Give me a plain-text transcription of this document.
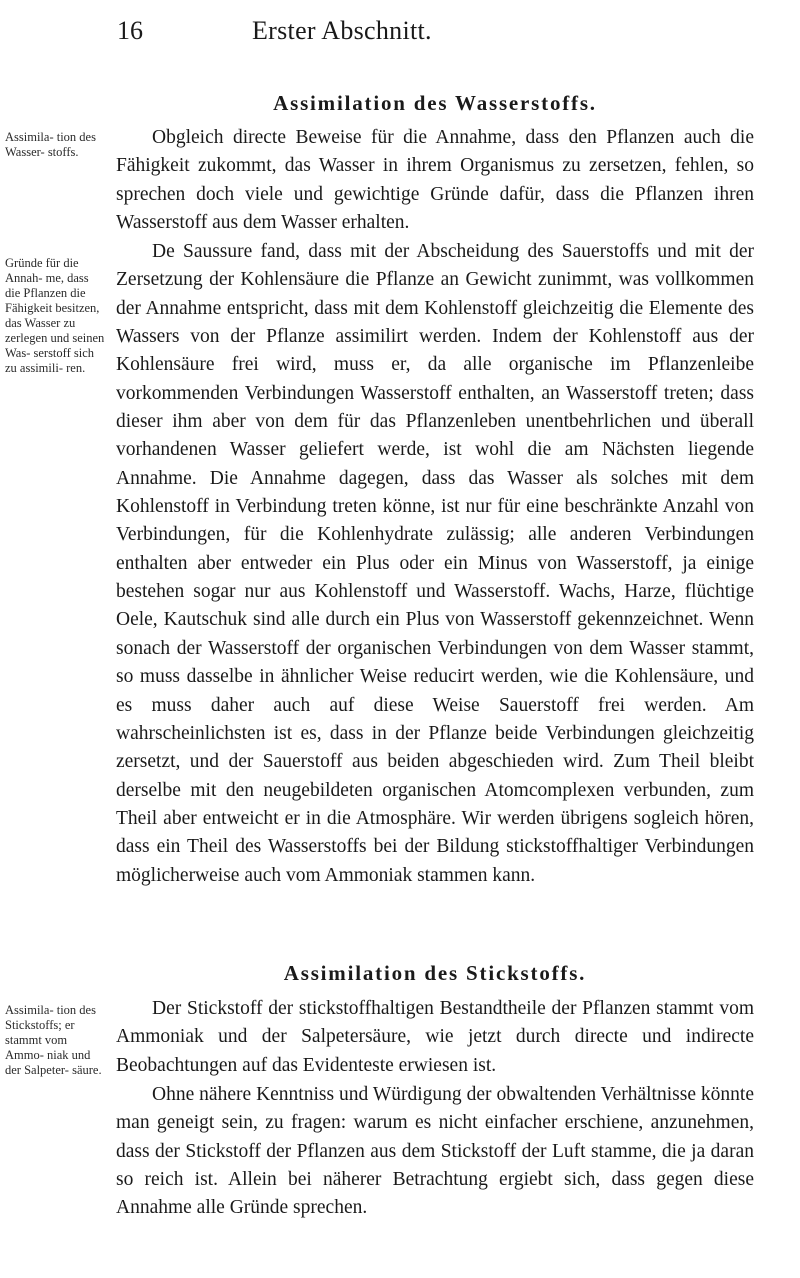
16	Erster Abschnitt.
Assimilation des Wasserstoffs.
Assimila- tion des Wasser- stoffs.
Gründe für die Annah- me, dass die Pflanzen die Fähigkeit besitzen, das Wasser zu zerlegen und seinen Was- serstoff sich zu assimili- ren.

Obgleich directe Beweise für die Annahme, dass den Pflanzen auch die Fähigkeit zukommt, das Wasser in ihrem Organismus zu zersetzen, fehlen, so sprechen doch viele und gewichtige Gründe dafür, dass die Pflanzen ihren Wasserstoff aus dem Wasser erhalten.

De Saussure fand, dass mit der Abscheidung des Sauerstoffs und mit der Zersetzung der Kohlensäure die Pflanze an Gewicht zunimmt, was vollkommen der Annahme entspricht, dass mit dem Kohlenstoff gleichzeitig die Elemente des Wassers von der Pflanze assimilirt werden. Indem der Kohlenstoff aus der Kohlensäure frei wird, muss er, da alle organische im Pflanzenleibe vorkommenden Verbindungen Wasserstoff enthalten, an Wasserstoff treten; dass dieser ihm aber von dem für das Pflanzenleben unentbehrlichen und überall vorhandenen Wasser geliefert werde, ist wohl die am Nächsten liegende Annahme. Die Annahme dagegen, dass das Wasser als solches mit dem Kohlenstoff in Verbindung treten könne, ist nur für eine beschränkte Anzahl von Verbindungen, für die Kohlenhydrate zulässig; alle anderen Verbindungen enthalten aber entweder ein Plus oder ein Minus von Wasserstoff, ja einige bestehen sogar nur aus Kohlenstoff und Wasserstoff. Wachs, Harze, flüchtige Oele, Kautschuk sind alle durch ein Plus von Wasserstoff gekennzeichnet. Wenn sonach der Wasserstoff der organischen Verbindungen von dem Wasser stammt, so muss dasselbe in ähnlicher Weise reducirt werden, wie die Kohlensäure, und es muss daher auch auf diese Weise Sauerstoff frei werden. Am wahrscheinlichsten ist es, dass in der Pflanze beide Verbindungen gleichzeitig zersetzt, und der Sauerstoff aus beiden abgeschieden wird. Zum Theil bleibt derselbe mit den neugebildeten organischen Atomcomplexen verbunden, zum Theil aber entweicht er in die Atmosphäre. Wir werden übrigens sogleich hören, dass ein Theil des Wasserstoffs bei der Bildung stickstoffhaltiger Verbindungen möglicherweise auch vom Ammoniak stammen kann.

Assimilation des Stickstoffs.
Assimila- tion des Stickstoffs; er stammt vom Ammo- niak und der Salpeter- säure.

Der Stickstoff der stickstoffhaltigen Bestandtheile der Pflanzen stammt vom Ammoniak und der Salpetersäure, wie jetzt durch directe und indirecte Beobachtungen auf das Evidenteste erwiesen ist.

Ohne nähere Kenntniss und Würdigung der obwaltenden Verhältnisse könnte man geneigt sein, zu fragen: warum es nicht einfacher erschiene, anzunehmen, dass der Stickstoff der Pflanzen aus dem Stickstoff der Luft stamme, die ja daran so reich ist. Allein bei näherer Betrachtung ergiebt sich, dass gegen diese Annahme alle Gründe sprechen.
